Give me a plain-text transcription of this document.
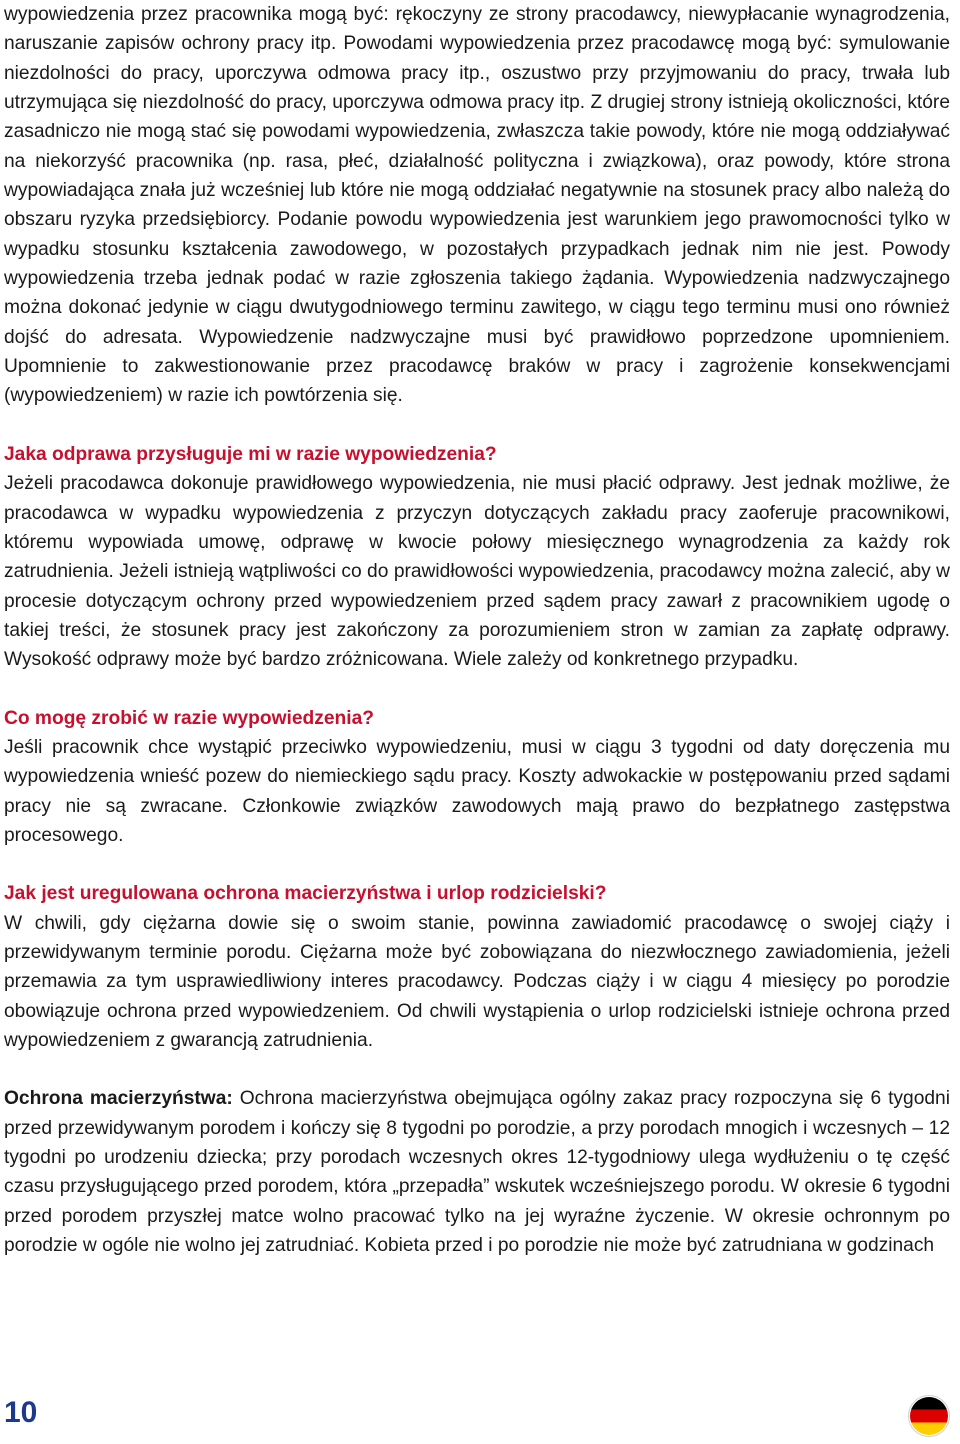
wypowiedzenia przez pracownika mogą być: rękoczyny ze strony pracodawcy, niewypłacanie wynagrodzenia, naruszanie zapisów ochrony pracy itp. Powodami wypowiedzenia przez pracodawcę mogą być: symulowanie niezdolności do pracy, uporczywa odmowa pracy itp., oszustwo przy przyjmowaniu do pracy, trwała lub utrzymująca się niezdolność do pracy, uporczywa odmowa pracy itp. Z drugiej strony istnieją okoliczności, które zasadniczo nie mogą stać się powodami wypowiedzenia, zwłaszcza takie powody, które nie mogą oddziaływać na niekorzyść pracownika (np. rasa, płeć, działalność polityczna i związkowa), oraz powody, które strona wypowiadająca znała już wcześniej lub które nie mogą oddziałać negatywnie na stosunek pracy albo należą do obszaru ryzyka przedsiębiorcy. Podanie powodu wypowiedzenia jest warunkiem jego prawomocności tylko w wypadku stosunku kształcenia zawodowego, w pozostałych przypadkach jednak nim nie jest. Powody wypowiedzenia trzeba jednak podać w razie zgłoszenia takiego żądania. Wypowiedzenia nadzwyczajnego można dokonać jedynie w ciągu dwutygodniowego terminu zawitego, w ciągu tego terminu musi ono również dojść do adresata. Wypowiedzenie nadzwyczajne musi być prawidłowo poprzedzone upomnieniem. Upomnienie to zakwestionowanie przez pracodawcę braków w pracy i zagrożenie konsekwencjami (wypowiedzeniem) w razie ich powtórzenia się.

Jaka odprawa przysługuje mi w razie wypowiedzenia?

Jeżeli pracodawca dokonuje prawidłowego wypowiedzenia, nie musi płacić odprawy. Jest jednak możliwe, że pracodawca w wypadku wypowiedzenia z przyczyn dotyczących zakładu pracy zaoferuje pracownikowi, któremu wypowiada umowę, odprawę w kwocie połowy miesięcznego wynagrodzenia za każdy rok zatrudnienia. Jeżeli istnieją wątpliwości co do prawidłowości wypowiedzenia, pracodawcy można zalecić, aby w procesie dotyczącym ochrony przed wypowiedzeniem przed sądem pracy zawarł z pracownikiem ugodę o takiej treści, że stosunek pracy jest zakończony za porozumieniem stron w zamian za zapłatę odprawy. Wysokość odprawy może być bardzo zróżnicowana. Wiele zależy od konkretnego przypadku.

Co mogę zrobić w razie wypowiedzenia?

Jeśli pracownik chce wystąpić przeciwko wypowiedzeniu, musi w ciągu 3 tygodni od daty doręczenia mu wypowiedzenia wnieść pozew do niemieckiego sądu pracy. Koszty adwokackie w postępowaniu przed sądami pracy nie są zwracane. Członkowie związków zawodowych mają prawo do bezpłatnego zastępstwa procesowego.

Jak jest uregulowana ochrona macierzyństwa i urlop rodzicielski?

W chwili, gdy ciężarna dowie się o swoim stanie, powinna zawiadomić pracodawcę o swojej ciąży i przewidywanym terminie porodu. Ciężarna może być zobowiązana do niezwłocznego zawiadomienia, jeżeli przemawia za tym usprawiedliwiony interes pracodawcy. Podczas ciąży i w ciągu 4 miesięcy po porodzie obowiązuje ochrona przed wypowiedzeniem. Od chwili wystąpienia o urlop rodzicielski istnieje ochrona przed wypowiedzeniem z gwarancją zatrudnienia.

Ochrona macierzyństwa: Ochrona macierzyństwa obejmująca ogólny zakaz pracy rozpoczyna się 6 tygodni przed przewidywanym porodem i kończy się 8 tygodni po porodzie, a przy porodach mnogich i wczesnych – 12 tygodni po urodzeniu dziecka; przy porodach wczesnych okres 12-tygodniowy ulega wydłużeniu o tę część czasu przysługującego przed porodem, która „przepadła” wskutek wcześniejszego porodu. W okresie 6 tygodni przed porodem przyszłej matce wolno pracować tylko na jej wyraźne życzenie. W okresie ochronnym po porodzie w ogóle nie wolno jej zatrudniać. Kobieta przed i po porodzie nie może być zatrudniana w godzinach

10
